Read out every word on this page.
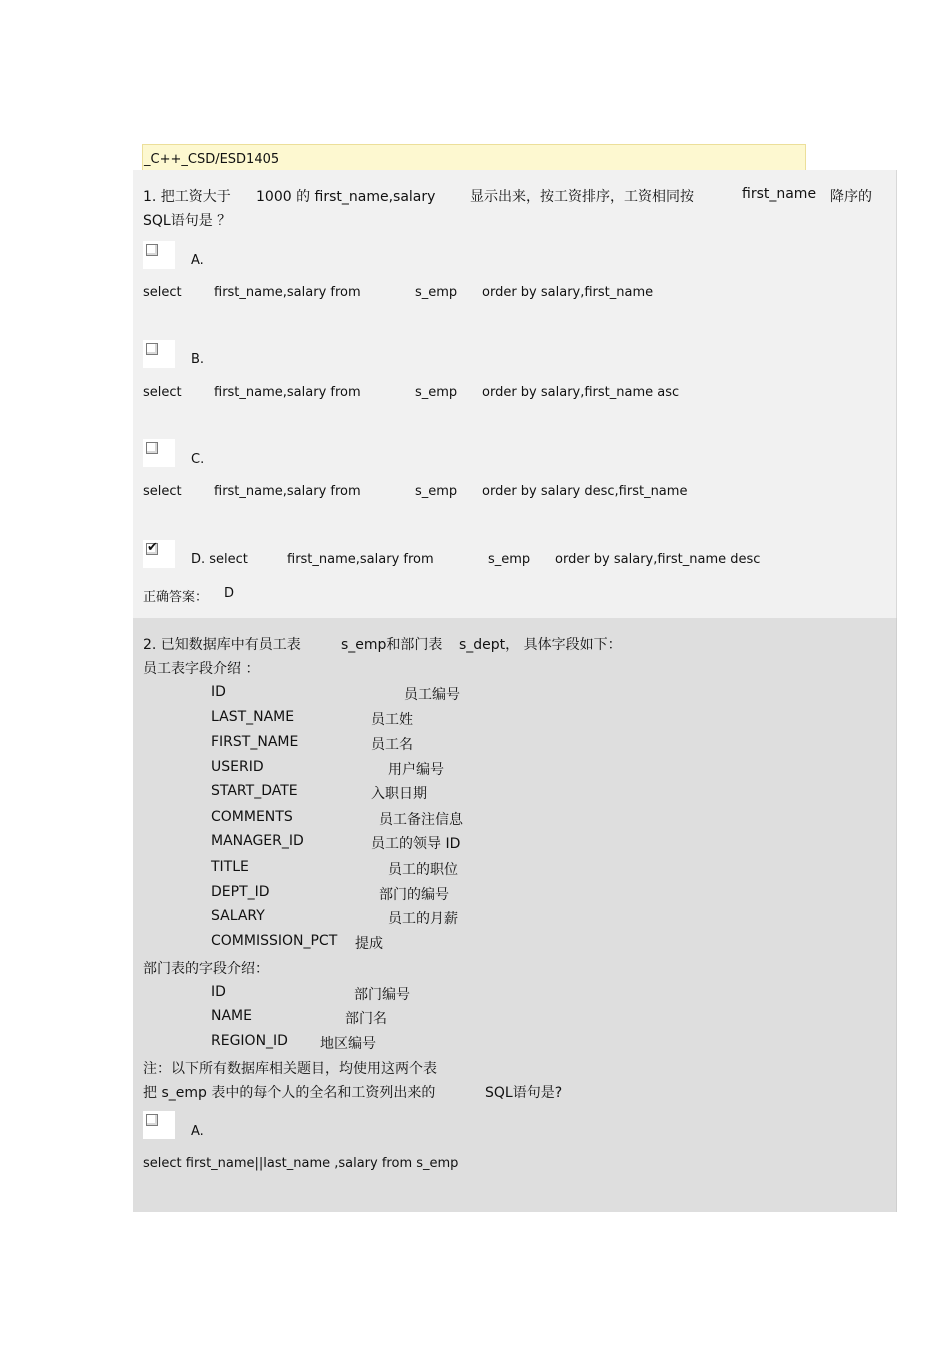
_C++_CSD/ESD1405
1. 把工资大于 1000 的 first_name,salary 显示出来，按工资排序，工资相同按	first_name 降序的
SQL语句是 ？
A.
select first_name,salary from	s_emp order by salary,first_name
B.
select first_name,salary from	s_emp order by salary,first_name asc
C.
select first_name,salary from	s_emp order by salary desc,first_name
✔
D. select	first_name,salary from	s_emp order by salary,first_name desc
正确答案： D
2. 已知数据库中有员工表	s_emp和部门表 s_dept， 具体字段如下：
员工表字段介绍 ：
ID	员工编号
LAST_NAME	员工姓
FIRST_NAME	员工名
USERID	用户编号
START_DATE	入职日期
COMMENTS	员工备注信息
MANAGER_ID	员工的领导 ID
TITLE	员工的职位
DEPT_ID	部门的编号
SALARY	员工的月薪
COMMISSION_PCT 提成
部门表的字段介绍：
ID	部门编号
NAME	部门名
REGION_ID 地区编号
注：以下所有数据库相关题目，均使用这两个表
把 s_emp 表中的每个人的全名和工资列出来的	SQL语句是?
A.
select first_name||last_name ,salary from s_emp
